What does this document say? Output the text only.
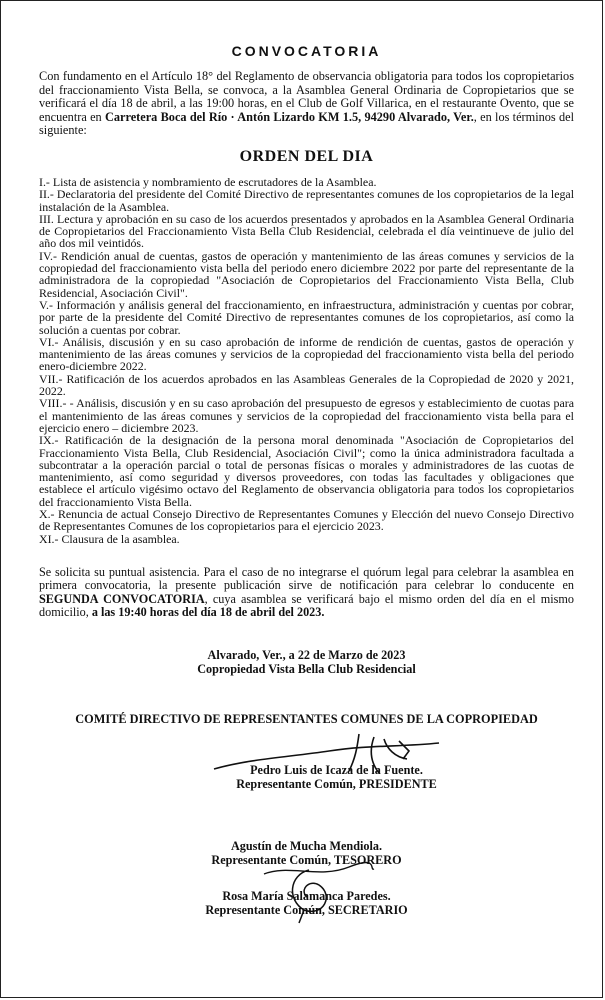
CONVOCATORIA

Con fundamento en el Artículo 18° del Reglamento de observancia obligatoria para todos los copropietarios del fraccionamiento Vista Bella, se convoca, a la Asamblea General Ordinaria de Copropietarios que se verificará el día 18 de abril, a las 19:00 horas, en el Club de Golf Villarica, en el restaurante Ovento, que se encuentra en Carretera Boca del Río · Antón Lizardo KM 1.5, 94290 Alvarado, Ver., en los términos del siguiente:

ORDEN DEL DIA
I.- Lista de asistencia y nombramiento de escrutadores de la Asamblea.
II.- Declaratoria del presidente del Comité Directivo de representantes comunes de los copropietarios de la legal instalación de la Asamblea.
III. Lectura y aprobación en su caso de los acuerdos presentados y aprobados en la Asamblea General Ordinaria de Copropietarios del Fraccionamiento Vista Bella Club Residencial, celebrada el día veintinueve de julio del año dos mil veintidós.
IV.- Rendición anual de cuentas, gastos de operación y mantenimiento de las áreas comunes y servicios de la copropiedad del fraccionamiento vista bella del periodo enero diciembre 2022 por parte del representante de la administradora de la copropiedad "Asociación de Copropietarios del Fraccionamiento Vista Bella, Club Residencial, Asociación Civil".
V.- Información y análisis general del fraccionamiento, en infraestructura, administración y cuentas por cobrar, por parte de la presidente del Comité Directivo de representantes comunes de los copropietarios, así como la solución a cuentas por cobrar.
VI.- Análisis, discusión y en su caso aprobación de informe de rendición de cuentas, gastos de operación y mantenimiento de las áreas comunes y servicios de la copropiedad del fraccionamiento vista bella del periodo enero-diciembre 2022.
VII.- Ratificación de los acuerdos aprobados en las Asambleas Generales de la Copropiedad de 2020 y 2021, 2022.
VIII.- - Análisis, discusión y en su caso aprobación del presupuesto de egresos y establecimiento de cuotas para el mantenimiento de las áreas comunes y servicios de la copropiedad del fraccionamiento vista bella para el ejercicio enero – diciembre 2023.
IX.- Ratificación de la designación de la persona moral denominada "Asociación de Copropietarios del Fraccionamiento Vista Bella, Club Residencial, Asociación Civil"; como la única administradora facultada a subcontratar a la operación parcial o total de personas físicas o morales y administradores de las cuotas de mantenimiento, así como seguridad y diversos proveedores, con todas las facultades y obligaciones que establece el artículo vigésimo octavo del Reglamento de observancia obligatoria para todos los copropietarios del fraccionamiento Vista Bella.
X.- Renuncia de actual Consejo Directivo de Representantes Comunes y Elección del nuevo Consejo Directivo de Representantes Comunes de los copropietarios para el ejercicio 2023.
XI.- Clausura de la asamblea.

Se solicita su puntual asistencia. Para el caso de no integrarse el quórum legal para celebrar la asamblea en primera convocatoria, la presente publicación sirve de notificación para celebrar lo conducente en SEGUNDA CONVOCATORIA, cuya asamblea se verificará bajo el mismo orden del día en el mismo domicilio, a las 19:40 horas del día 18 de abril del 2023.

Alvarado, Ver., a 22 de Marzo de 2023
Copropiedad Vista Bella Club Residencial
COMITÉ DIRECTIVO DE REPRESENTANTES COMUNES DE LA COPROPIEDAD
Pedro Luis de Icaza de la Fuente.
Representante Común, PRESIDENTE
Agustín de Mucha Mendiola.
Representante Común, TESORERO
Rosa María Salamanca Paredes.
Representante Común, SECRETARIO
